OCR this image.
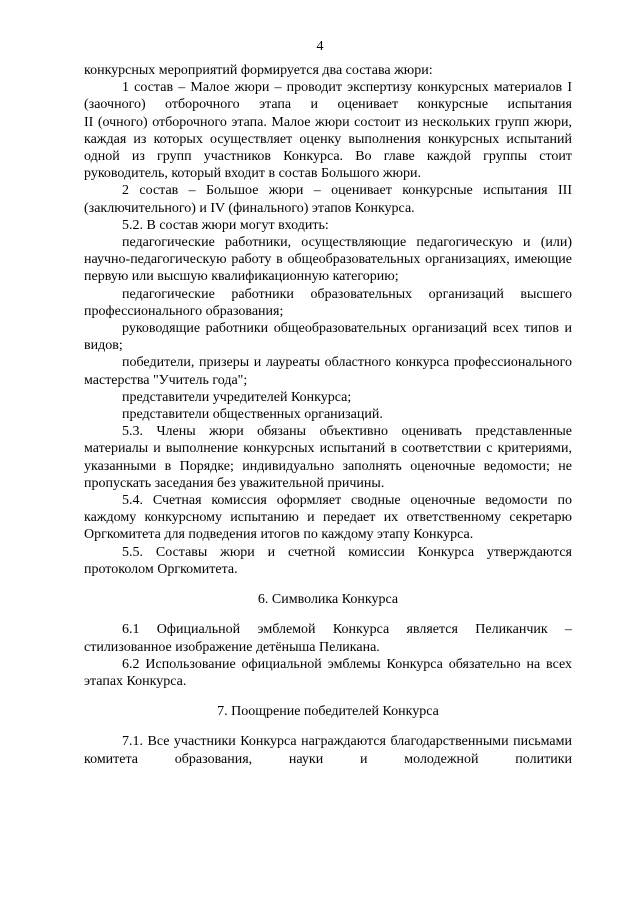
4

конкурсных мероприятий формируется два состава жюри:

1 состав – Малое жюри – проводит экспертизу конкурсных материалов I (заочного) отборочного этапа и оценивает конкурсные испытания

II (очного) отборочного этапа. Малое жюри состоит из нескольких групп жюри, каждая из которых осуществляет оценку выполнения конкурсных испытаний одной из групп участников Конкурса. Во главе каждой группы стоит руководитель, который входит в состав Большого жюри.

2 состав – Большое жюри – оценивает конкурсные испытания III (заключительного) и IV (финального) этапов Конкурса.

5.2. В состав жюри могут входить:

педагогические работники, осуществляющие педагогическую и (или) научно-педагогическую работу в общеобразовательных организациях, имеющие первую или высшую квалификационную категорию;

педагогические работники образовательных организаций высшего профессионального образования;

руководящие работники общеобразовательных организаций всех типов и видов;

победители, призеры и лауреаты областного конкурса профессионального мастерства "Учитель года";

представители учредителей Конкурса;

представители общественных организаций.

5.3. Члены жюри обязаны объективно оценивать представленные материалы и выполнение конкурсных испытаний в соответствии с критериями, указанными в Порядке; индивидуально заполнять оценочные ведомости; не пропускать заседания без уважительной причины.

5.4. Счетная комиссия оформляет сводные оценочные ведомости по каждому конкурсному испытанию и передает их ответственному секретарю Оргкомитета для подведения итогов по каждому этапу Конкурса.

5.5. Составы жюри и счетной комиссии Конкурса утверждаются протоколом Оргкомитета.

6. Символика Конкурса

6.1 Официальной эмблемой Конкурса является Пеликанчик – стилизованное изображение детёныша Пеликана.

6.2 Использование официальной эмблемы Конкурса обязательно на всех этапах Конкурса.

7. Поощрение победителей Конкурса

7.1. Все участники Конкурса награждаются благодарственными письмами комитета образования, науки и молодежной политики
